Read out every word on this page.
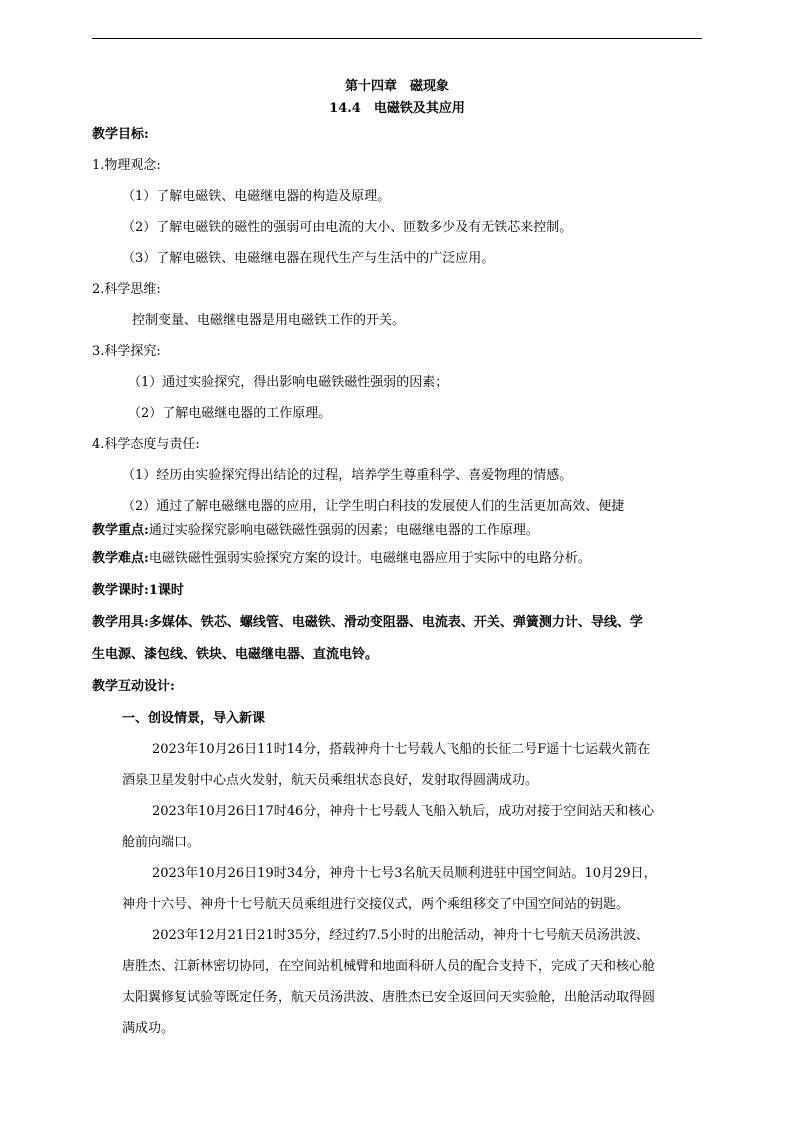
第十四章　磁现象
14.4　电磁铁及其应用
教学目标:
1.物理观念:
（1）了解电磁铁、电磁继电器的构造及原理。
（2）了解电磁铁的磁性的强弱可由电流的大小、匝数多少及有无铁芯来控制。
（3）了解电磁铁、电磁继电器在现代生产与生活中的广泛应用。
2.科学思维:
控制变量、电磁继电器是用电磁铁工作的开关。
3.科学探究:
（1）通过实验探究，得出影响电磁铁磁性强弱的因素；
（2）了解电磁继电器的工作原理。
4.科学态度与责任:
（1）经历由实验探究得出结论的过程，培养学生尊重科学、喜爱物理的情感。
（2）通过了解电磁继电器的应用，让学生明白科技的发展使人们的生活更加高效、便捷
教学重点:通过实验探究影响电磁铁磁性强弱的因素；电磁继电器的工作原理。
教学难点:电磁铁磁性强弱实验探究方案的设计。电磁继电器应用于实际中的电路分析。
教学课时:1课时
教学用具:多媒体、铁芯、螺线管、电磁铁、滑动变阻器、电流表、开关、弹簧测力计、导线、学
生电源、漆包线、铁块、电磁继电器、直流电铃。
教学互动设计:
一、创设情景，导入新课
2023年10月26日11时14分，搭载神舟十七号载人飞船的长征二号F遥十七运载火箭在
酒泉卫星发射中心点火发射，航天员乘组状态良好，发射取得圆满成功。
2023年10月26日17时46分，神舟十七号载人飞船入轨后，成功对接于空间站天和核心
舱前向端口。
2023年10月26日19时34分，神舟十七号3名航天员顺利进驻中国空间站。10月29日，
神舟十六号、神舟十七号航天员乘组进行交接仪式，两个乘组移交了中国空间站的钥匙。
2023年12月21日21时35分，经过约7.5小时的出舱活动，神舟十七号航天员汤洪波、
唐胜杰、江新林密切协同，在空间站机械臂和地面科研人员的配合支持下，完成了天和核心舱
太阳翼修复试验等既定任务，航天员汤洪波、唐胜杰已安全返回问天实验舱，出舱活动取得圆
满成功。
